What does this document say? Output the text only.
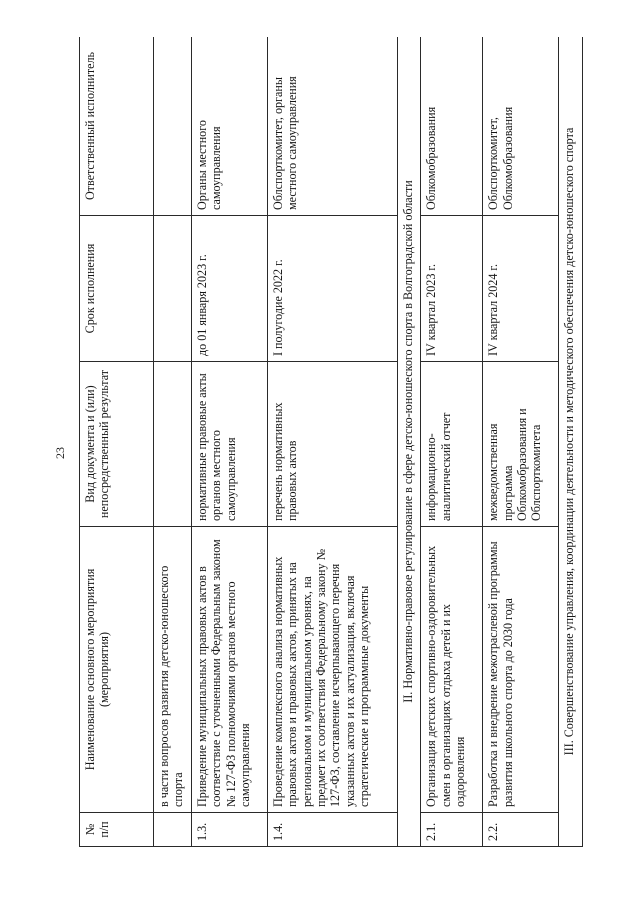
23
№ п/п	Наименование основного мероприятия (мероприятия)	Вид документа и (или) непосредственный результат	Срок исполнения	Ответственный исполнитель
	в части вопросов развития детско-юношеского спорта			
1.3.	Приведение муниципальных правовых актов в соответствие с уточненными Федеральным законом № 127-ФЗ полномочиями органов местного самоуправления	нормативные правовые акты органов местного самоуправления	до 01 января 2023 г.	Органы местного самоуправления
1.4.	Проведение комплексного анализа нормативных правовых актов и правовых актов, принятых на региональном и муниципальном уровнях, на предмет их соответствия Федеральному закону № 127-ФЗ, составление исчерпывающего перечня указанных актов и их актуализация, включая стратегические и программные документы	перечень нормативных правовых актов	I полугодие 2022 г.	Облспорткомитет, органы местного самоуправления
II. Нормативно-правовое регулирование в сфере детско-юношеского спорта в Волгоградской области				
2.1.	Организация детских спортивно-оздоровительных смен в организациях отдыха детей и их оздоровления	информационно-аналитический отчет	IV квартал 2023 г.	Облкомобразования
2.2.	Разработка и внедрение межотраслевой программы развития школьного спорта до 2030 года	межведомственная программа Облкомобразования и Облспорткомитета	IV квартал 2024 г.	Облспорткомитет, Облкомобразования
III. Совершенствование управления, координации деятельности и методического обеспечения детско-юношеского спорта				
